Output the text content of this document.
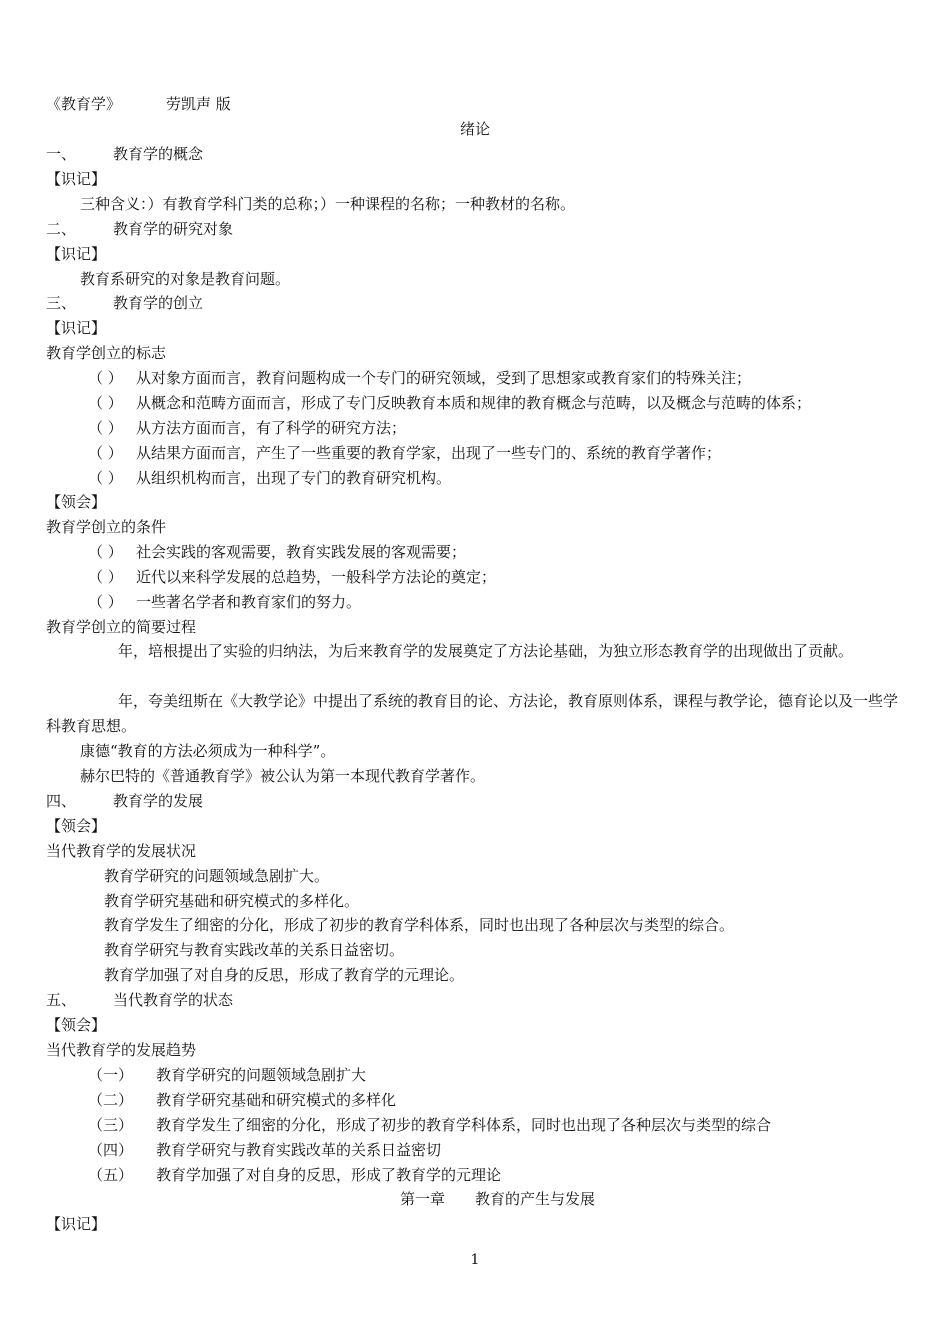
《教育学》	劳凯声 版
绪论
一、 教育学的概念
【识记】
三种含义：）有教育学科门类的总称；）一种课程的名称；一种教材的名称。
二、 教育学的研究对象
【识记】
教育系研究的对象是教育问题。
三、 教育学的创立
【识记】
教育学创立的标志
（ ） 从对象方面而言，教育问题构成一个专门的研究领域，受到了思想家或教育家们的特殊关注；
（ ） 从概念和范畴方面而言，形成了专门反映教育本质和规律的教育概念与范畴，以及概念与范畴的体系；
（ ） 从方法方面而言，有了科学的研究方法；
（ ） 从结果方面而言，产生了一些重要的教育学家，出现了一些专门的、系统的教育学著作；
（ ） 从组织机构而言，出现了专门的教育研究机构。
【领会】
教育学创立的条件
（ ） 社会实践的客观需要，教育实践发展的客观需要；
（ ） 近代以来科学发展的总趋势，一般科学方法论的奠定；
（ ） 一些著名学者和教育家们的努力。
教育学创立的简要过程
年，培根提出了实验的归纳法，为后来教育学的发展奠定了方法论基础，为独立形态教育学的出现做出了贡献。
年，夸美纽斯在《大教学论》中提出了系统的教育目的论、方法论，教育原则体系，课程与教学论，德育论以及一些学科教育思想。
康德“教育的方法必须成为一种科学”。
赫尔巴特的《普通教育学》被公认为第一本现代教育学著作。
四、 教育学的发展
【领会】
当代教育学的发展状况
教育学研究的问题领域急剧扩大。
教育学研究基础和研究模式的多样化。
教育学发生了细密的分化，形成了初步的教育学科体系，同时也出现了各种层次与类型的综合。
教育学研究与教育实践改革的关系日益密切。
教育学加强了对自身的反思，形成了教育学的元理论。
五、 当代教育学的状态
【领会】
当代教育学的发展趋势
（一） 教育学研究的问题领域急剧扩大
（二） 教育学研究基础和研究模式的多样化
（三） 教育学发生了细密的分化，形成了初步的教育学科体系，同时也出现了各种层次与类型的综合
（四） 教育学研究与教育实践改革的关系日益密切
（五） 教育学加强了对自身的反思，形成了教育学的元理论
第一章 教育的产生与发展
【识记】
1
